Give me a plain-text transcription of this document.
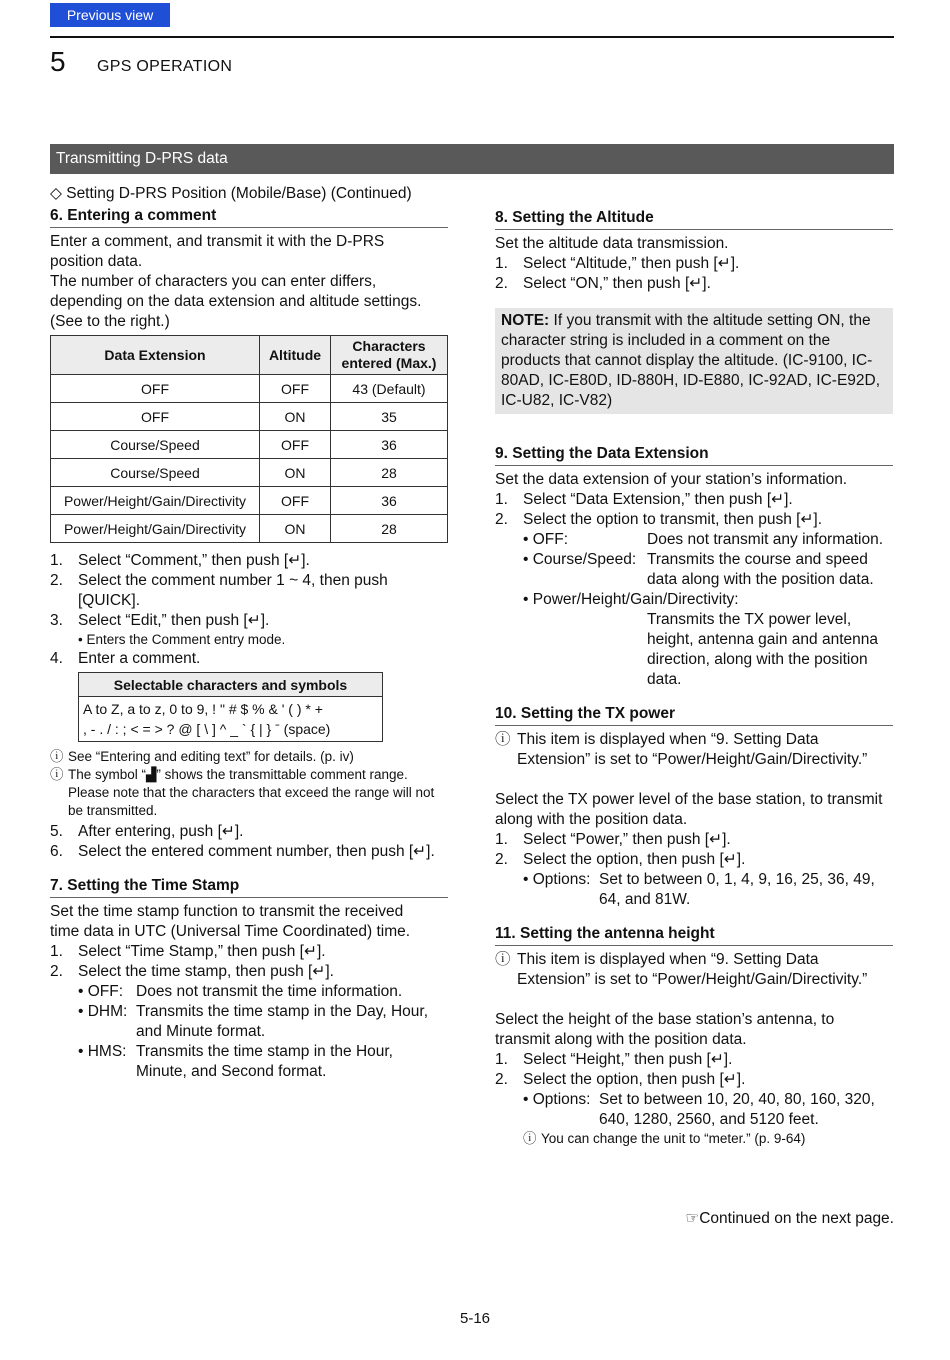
Previous view
5 GPS OPERATION
Transmitting D-PRS data
◇ Setting D-PRS Position (Mobile/Base) (Continued)
6. Entering a comment
Enter a comment, and transmit it with the D-PRS
position data.
The number of characters you can enter differs,
depending on the data extension and altitude settings.
(See to the right.)
Data Extension	Altitude	Characters entered (Max.)
OFF	OFF	43 (Default)
OFF	ON	35
Course/Speed	OFF	36
Course/Speed	ON	28
Power/Height/Gain/Directivity	OFF	36
Power/Height/Gain/Directivity	ON	28
1. Select “Comment,” then push [↵].
2. Select the comment number 1 ~ 4, then push [QUICK].
3. Select “Edit,” then push [↵].
• Enters the Comment entry mode.
4. Enter a comment.
Selectable characters and symbols

A to Z, a to z, 0 to 9, ! " # $ % & ' ( ) * +
, - . / : ; < = > ? @ [ \ ] ^ _ ` { | } ˉ (space)
ⓘ See “Entering and editing text” for details. (p. iv)
ⓘ The symbol “▟” shows the transmittable comment range. Please note that the characters that exceed the range will not be transmitted.
5. After entering, push [↵].
6. Select the entered comment number, then push [↵].
7. Setting the Time Stamp
Set the time stamp function to transmit the received
time data in UTC (Universal Time Coordinated) time.
1. Select “Time Stamp,” then push [↵].
2. Select the time stamp, then push [↵].
• OFF: Does not transmit the time information.
• DHM: Transmits the time stamp in the Day, Hour, and Minute format.
• HMS: Transmits the time stamp in the Hour, Minute, and Second format.
8. Setting the Altitude
Set the altitude data transmission.
1. Select “Altitude,” then push [↵].
2. Select “ON,” then push [↵].
NOTE: If you transmit with the altitude setting ON, the character string is included in a comment on the products that cannot display the altitude. (IC-9100, IC-80AD, IC-E80D, ID-880H, ID-E880, IC-92AD, IC-E92D, IC-U82, IC-V82)
9. Setting the Data Extension
Set the data extension of your station’s information.
1. Select “Data Extension,” then push [↵].
2. Select the option to transmit, then push [↵].
• OFF:	Does not transmit any information.
• Course/Speed: Transmits the course and speed data along with the position data.
• Power/Height/Gain/Directivity:
Transmits the TX power level, height, antenna gain and antenna direction, along with the position data.
10. Setting the TX power
ⓘ This item is displayed when “9. Setting Data Extension” is set to “Power/Height/Gain/Directivity.”
Select the TX power level of the base station, to transmit along with the position data.
1. Select “Power,” then push [↵].
2. Select the option, then push [↵].
• Options: Set to between 0, 1, 4, 9, 16, 25, 36, 49, 64, and 81W.
11. Setting the antenna height
ⓘ This item is displayed when “9. Setting Data Extension” is set to “Power/Height/Gain/Directivity.”
Select the height of the base station’s antenna, to transmit along with the position data.
1. Select “Height,” then push [↵].
2. Select the option, then push [↵].
• Options: Set to between 10, 20, 40, 80, 160, 320, 640, 1280, 2560, and 5120 feet.
ⓘ You can change the unit to “meter.” (p. 9-64)
☞Continued on the next page.
5-16
